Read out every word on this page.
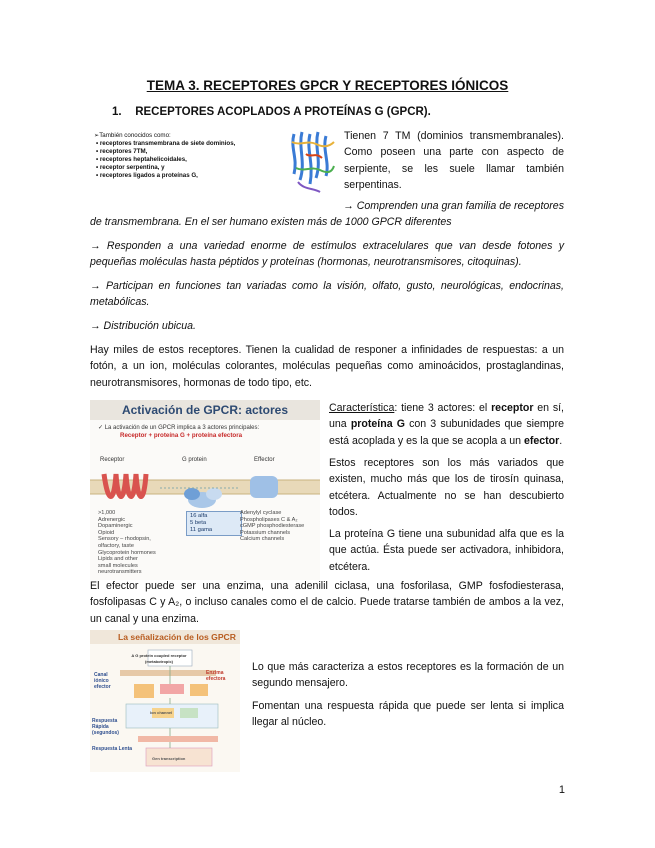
TEMA 3. RECEPTORES GPCR Y RECEPTORES IÓNICOS
1. RECEPTORES ACOPLADOS A PROTEÍNAS G (GPCR).
➢ También conocidos como:
• receptores transmembrana de siete dominios,
• receptores 7TM,
• receptores heptahelicoidales,
• receptor serpentina, y
• receptores ligados a proteínas G,
Tienen 7 TM (dominios transmembranales). Como poseen una parte con aspecto de serpiente, se les suele llamar también serpentinas.
→ Comprenden una gran familia de receptores
de transmembrana. En el ser humano existen más de 1000 GPCR diferentes
→ Responden a una variedad enorme de estímulos extracelulares que van desde fotones y pequeñas moléculas hasta péptidos y proteínas (hormonas, neurotransmisores, citoquinas).
→ Participan en funciones tan variadas como la visión, olfato, gusto, neurológicas, endocrinas, metabólicas.
→ Distribución ubicua.
Hay miles de estos receptores. Tienen la cualidad de responer a infinidades de respuestas: a un fotón, a un ion, moléculas colorantes, moléculas pequeñas como aminoácidos, prostaglandinas, neurotransmisores, hormonas de todo tipo, etc.
Activación de GPCR: actores
✓ La activación de un GPCR implica a 3 actores principales:
Receptor + proteína G + proteína efectora
Receptor	G protein	Effector
>1,000
Adrenergic
Dopaminergic
Opioid
Sensory – rhodopsin,
olfactory, taste
Glycoprotein hormones
Lipids and other
small molecules
neurotransmitters
16 alfa
5 beta
11 gama
Adenylyl cyclase
Phospholipases C & A₂
cGMP phosphodiesterase
Potassium channels
Calcium channels
Característica: tiene 3 actores: el receptor en sí, una proteína G con 3 subunidades que siempre está acoplada y es la que se acopla a un efector.
Estos receptores son los más variados que existen, mucho más que los de tirosín quinasa, etcétera. Actualmente no se han descubierto todos.
La proteína G tiene una subunidad alfa que es la que actúa. Ésta puede ser activadora, inhibidora, etcétera.
El efector puede ser una enzima, una adenilil ciclasa, una fosforilasa, GMP fosfodiesterasa, fosfolipasas C y A₂, o incluso canales como el de calcio. Puede tratarse también de ambos a la vez, un canal y una enzima.
La señalización de los GPCR
A G protein coupled receptor (metabotropic)
Canal iónico efector
Enzima efectora
Respuesta Rápida (segundos)
Respuesta Lenta
Ion channel
Gen transcription
Lo que más caracteriza a estos receptores es la formación de un segundo mensajero.
Fomentan una respuesta rápida que puede ser lenta si implica llegar al núcleo.
1
